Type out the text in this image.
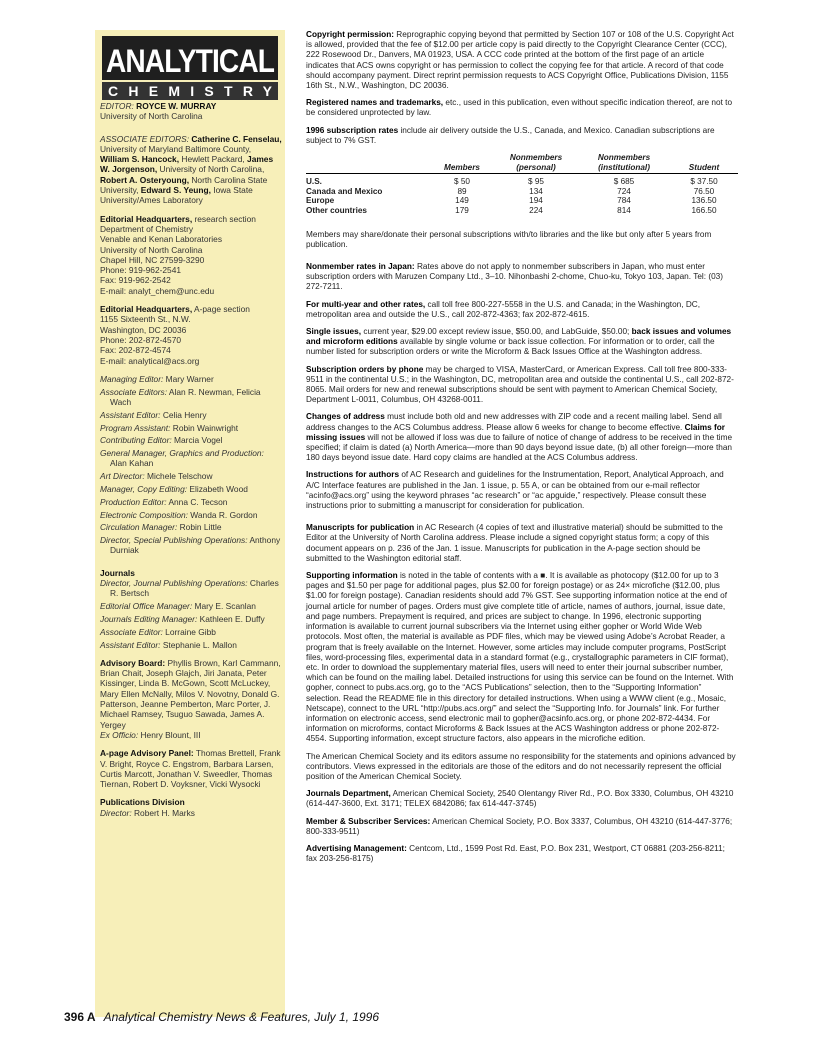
ANALYTICAL
CHEMISTRY

EDITOR: ROYCE W. MURRAY

University of North Carolina

ASSOCIATE EDITORS: Catherine C. Fenselau, University of Maryland Baltimore County, William S. Hancock, Hewlett Packard, James W. Jorgenson, University of North Carolina, Robert A. Osteryoung, North Carolina State University, Edward S. Yeung, Iowa State University/Ames Laboratory

Editorial Headquarters, research section

Department of Chemistry

Venable and Kenan Laboratories

University of North Carolina

Chapel Hill, NC 27599-3290

Phone: 919-962-2541

Fax: 919-962-2542

E-mail: analyt_chem@unc.edu

Editorial Headquarters, A-page section

1155 Sixteenth St., N.W.

Washington, DC 20036

Phone: 202-872-4570

Fax: 202-872-4574

E-mail: analytical@acs.org

Managing Editor: Mary Warner

Associate Editors: Alan R. Newman, Felicia Wach

Assistant Editor: Celia Henry

Program Assistant: Robin Wainwright

Contributing Editor: Marcia Vogel

General Manager, Graphics and Production: Alan Kahan

Art Director: Michele Telschow

Manager, Copy Editing: Elizabeth Wood

Production Editor: Anna C. Tecson

Electronic Composition: Wanda R. Gordon

Circulation Manager: Robin Little

Director, Special Publishing Operations: Anthony Durniak

Journals

Director, Journal Publishing Operations: Charles R. Bertsch

Editorial Office Manager: Mary E. Scanlan

Journals Editing Manager: Kathleen E. Duffy

Associate Editor: Lorraine Gibb

Assistant Editor: Stephanie L. Mallon

Advisory Board: Phyllis Brown, Karl Cammann, Brian Chait, Joseph Glajch, Jiri Janata, Peter Kissinger, Linda B. McGown, Scott McLuckey, Mary Ellen McNally, Milos V. Novotny, Donald G. Patterson, Jeanne Pemberton, Marc Porter, J. Michael Ramsey, Tsuguo Sawada, James A. Yergey

Ex Officio: Henry Blount, III

A-page Advisory Panel: Thomas Brettell, Frank V. Bright, Royce C. Engstrom, Barbara Larsen, Curtis Marcott, Jonathan V. Sweedler, Thomas Tiernan, Robert D. Voyksner, Vicki Wysocki

Publications Division

Director: Robert H. Marks

Copyright permission: Reprographic copying beyond that permitted by Section 107 or 108 of the U.S. Copyright Act is allowed, provided that the fee of $12.00 per article copy is paid directly to the Copyright Clearance Center (CCC), 222 Rosewood Dr., Danvers, MA 01923, USA. A CCC code printed at the bottom of the first page of an article indicates that ACS owns copyright or has permission to collect the copying fee for that article. A record of that code should accompany payment. Direct reprint permission requests to ACS Copyright Office, Publications Division, 1155 16th St., N.W., Washington, DC 20036.

Registered names and trademarks, etc., used in this publication, even without specific indication thereof, are not to be considered unprotected by law.

1996 subscription rates include air delivery outside the U.S., Canada, and Mexico. Canadian subscriptions are subject to 7% GST.

	Members	Nonmembers (personal)	Nonmembers (institutional)	Student

U.S.	$ 50	$ 95	$ 685	$ 37.50
Canada and Mexico	89	134	724	76.50
Europe	149	194	784	136.50
Other countries	179	224	814	166.50

Members may share/donate their personal subscriptions with/to libraries and the like but only after 5 years from publication.

Nonmember rates in Japan: Rates above do not apply to nonmember subscribers in Japan, who must enter subscription orders with Maruzen Company Ltd., 3–10. Nihonbashi 2-chome, Chuo-ku, Tokyo 103, Japan. Tel: (03) 272-7211.

For multi-year and other rates, call toll free 800-227-5558 in the U.S. and Canada; in the Washington, DC, metropolitan area and outside the U.S., call 202-872-4363; fax 202-872-4615.

Single issues, current year, $29.00 except review issue, $50.00, and LabGuide, $50.00; back issues and volumes and microform editions available by single volume or back issue collection. For information or to order, call the number listed for subscription orders or write the Microform & Back Issues Office at the Washington address.

Subscription orders by phone may be charged to VISA, MasterCard, or American Express. Call toll free 800-333-9511 in the continental U.S.; in the Washington, DC, metropolitan area and outside the continental U.S., call 202-872-8065. Mail orders for new and renewal subscriptions should be sent with payment to American Chemical Society, Department L-0011, Columbus, OH 43268-0011.

Changes of address must include both old and new addresses with ZIP code and a recent mailing label. Send all address changes to the ACS Columbus address. Please allow 6 weeks for change to become effective. Claims for missing issues will not be allowed if loss was due to failure of notice of change of address to be received in the time specified; if claim is dated (a) North America—more than 90 days beyond issue date, (b) all other foreign—more than 180 days beyond issue date. Hard copy claims are handled at the ACS Columbus address.

Instructions for authors of AC Research and guidelines for the Instrumentation, Report, Analytical Approach, and A/C Interface features are published in the Jan. 1 issue, p. 55 A, or can be obtained from our e-mail reflector “acinfo@acs.org” using the keyword phrases “ac research” or “ac apguide,” respectively. Please consult these instructions prior to submitting a manuscript for consideration for publication.

Manuscripts for publication in AC Research (4 copies of text and illustrative material) should be submitted to the Editor at the University of North Carolina address. Please include a signed copyright status form; a copy of this document appears on p. 236 of the Jan. 1 issue. Manuscripts for publication in the A-page section should be submitted to the Washington editorial staff.

Supporting information is noted in the table of contents with a ■. It is available as photocopy ($12.00 for up to 3 pages and $1.50 per page for additional pages, plus $2.00 for foreign postage) or as 24× microfiche ($12.00, plus $1.00 for foreign postage). Canadian residents should add 7% GST. See supporting information notice at the end of journal article for number of pages. Orders must give complete title of article, names of authors, journal, issue date, and page numbers. Prepayment is required, and prices are subject to change. In 1996, electronic supporting information is available to current journal subscribers via the Internet using either gopher or World Wide Web protocols. Most often, the material is available as PDF files, which may be viewed using Adobe’s Acrobat Reader, a program that is freely available on the Internet. However, some articles may include computer programs, PostScript files, word-processing files, experimental data in a standard format (e.g., crystallographic parameters in CIF format), etc. In order to download the supplementary material files, users will need to enter their journal subscriber number, which can be found on the mailing label. Detailed instructions for using this service can be found on the Internet. With gopher, connect to pubs.acs.org, go to the “ACS Publications” selection, then to the “Supporting Information” selection. Read the README file in this directory for detailed instructions. When using a WWW client (e.g., Mosaic, Netscape), connect to the URL “http://pubs.acs.org/” and select the “Supporting Info. for Journals” link. For further information on electronic access, send electronic mail to gopher@acsinfo.acs.org, or phone 202-872-4434. For information on microforms, contact Microforms & Back Issues at the ACS Washington address or phone 202-872-4554. Supporting information, except structure factors, also appears in the microfiche edition.

The American Chemical Society and its editors assume no responsibility for the statements and opinions advanced by contributors. Views expressed in the editorials are those of the editors and do not necessarily represent the official position of the American Chemical Society.

Journals Department, American Chemical Society, 2540 Olentangy River Rd., P.O. Box 3330, Columbus, OH 43210 (614-447-3600, Ext. 3171; TELEX 6842086; fax 614-447-3745)

Member & Subscriber Services: American Chemical Society, P.O. Box 3337, Columbus, OH 43210 (614-447-3776; 800-333-9511)

Advertising Management: Centcom, Ltd., 1599 Post Rd. East, P.O. Box 231, Westport, CT 06881 (203-256-8211; fax 203-256-8175)

396 A Analytical Chemistry News & Features, July 1, 1996
